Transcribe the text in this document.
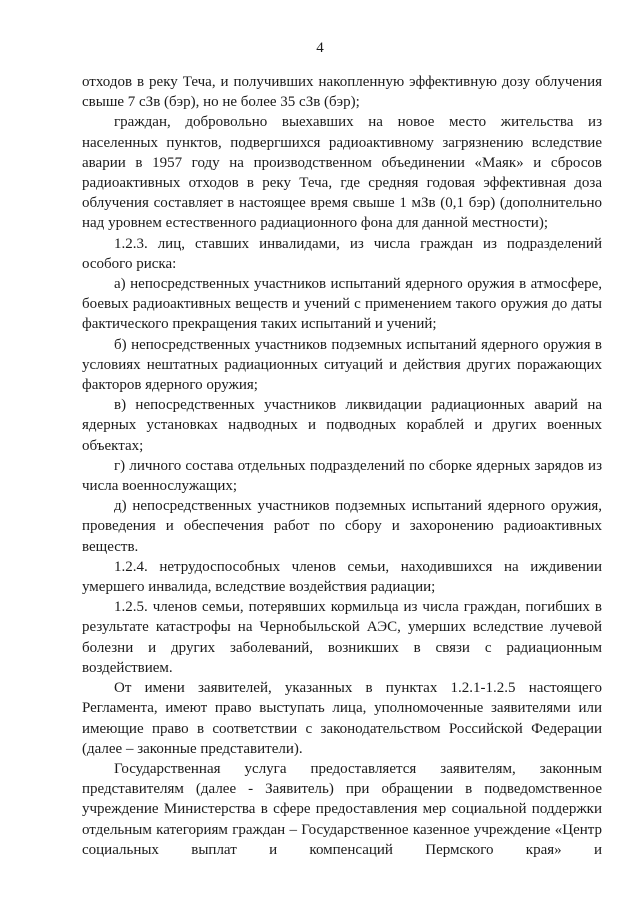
4

отходов в реку Теча, и получивших накопленную эффективную дозу облучения свыше 7 сЗв (бэр), но не более 35 сЗв (бэр);

граждан, добровольно выехавших на новое место жительства из населенных пунктов, подвергшихся радиоактивному загрязнению вследствие аварии в 1957 году на производственном объединении «Маяк» и сбросов радиоактивных отходов в реку Теча, где средняя годовая эффективная доза облучения составляет в настоящее время свыше 1 мЗв (0,1 бэр) (дополнительно над уровнем естественного радиационного фона для данной местности);

1.2.3. лиц, ставших инвалидами, из числа граждан из подразделений особого риска:

а) непосредственных участников испытаний ядерного оружия в атмосфере, боевых радиоактивных веществ и учений с применением такого оружия до даты фактического прекращения таких испытаний и учений;

б) непосредственных участников подземных испытаний ядерного оружия в условиях нештатных радиационных ситуаций и действия других поражающих факторов ядерного оружия;

в) непосредственных участников ликвидации радиационных аварий на ядерных установках надводных и подводных кораблей и других военных объектах;

г) личного состава отдельных подразделений по сборке ядерных зарядов из числа военнослужащих;

д) непосредственных участников подземных испытаний ядерного оружия, проведения и обеспечения работ по сбору и захоронению радиоактивных веществ.

1.2.4. нетрудоспособных членов семьи, находившихся на иждивении умершего инвалида, вследствие воздействия радиации;

1.2.5. членов семьи, потерявших кормильца из числа граждан, погибших в результате катастрофы на Чернобыльской АЭС, умерших вследствие лучевой болезни и других заболеваний, возникших в связи с радиационным воздействием.

От имени заявителей, указанных в пунктах 1.2.1-1.2.5 настоящего Регламента, имеют право выступать лица, уполномоченные заявителями или имеющие право в соответствии с законодательством Российской Федерации (далее – законные представители).

Государственная услуга предоставляется заявителям, законным представителям (далее - Заявитель) при обращении в подведомственное учреждение Министерства в сфере предоставления мер социальной поддержки отдельным категориям граждан – Государственное казенное учреждение «Центр социальных выплат и компенсаций Пермского края» и
